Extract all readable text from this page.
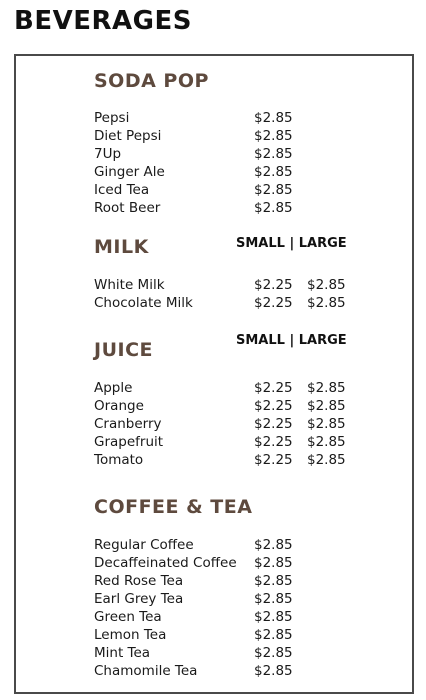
BEVERAGES
SODA POP
Pepsi	$2.85
Diet Pepsi	$2.85
7Up	$2.85
Ginger Ale	$2.85
Iced Tea	$2.85
Root Beer	$2.85
MILK	SMALL | LARGE
White Milk	$2.25 $2.85
Chocolate Milk	$2.25 $2.85
JUICE	SMALL | LARGE
Apple	$2.25 $2.85
Orange	$2.25 $2.85
Cranberry	$2.25 $2.85
Grapefruit	$2.25 $2.85
Tomato	$2.25 $2.85
COFFEE & TEA
Regular Coffee	$2.85
Decaffeinated Coffee $2.85
Red Rose Tea	$2.85
Earl Grey Tea	$2.85
Green Tea	$2.85
Lemon Tea	$2.85
Mint Tea	$2.85
Chamomile Tea	$2.85
